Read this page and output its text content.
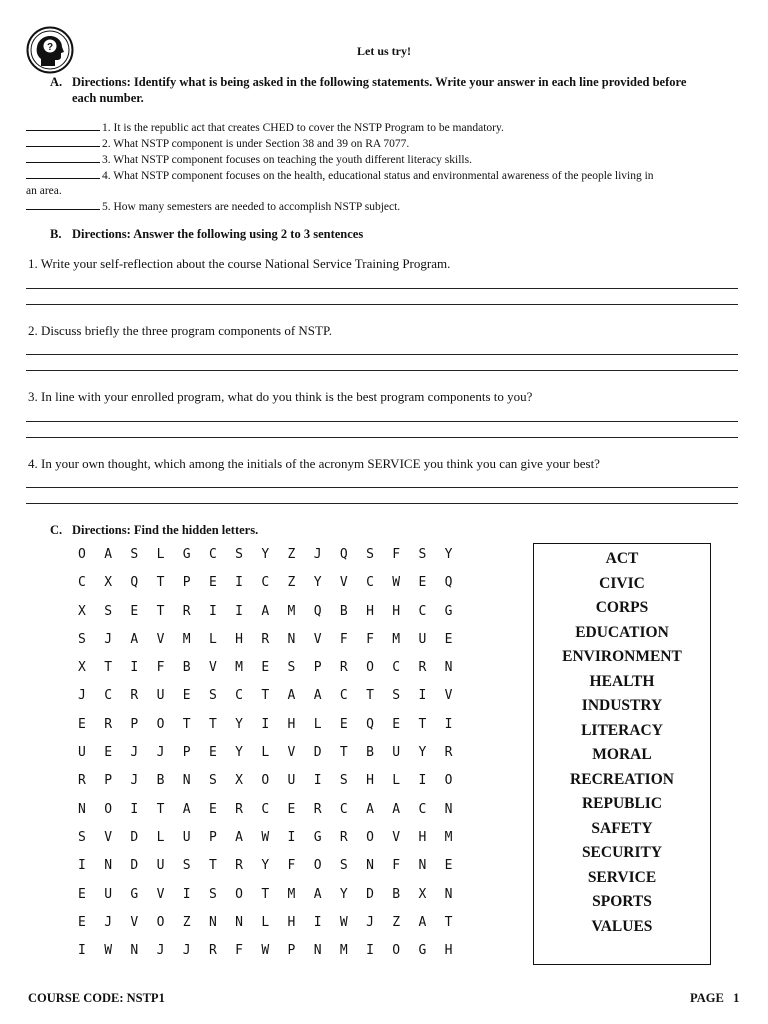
?	Let us try!
A. Directions: Identify what is being asked in the following statements. Write your answer in each line provided before
each number.
1. It is the republic act that creates CHED to cover the NSTP Program to be mandatory.
2. What NSTP component is under Section 38 and 39 on RA 7077.
3. What NSTP component focuses on teaching the youth different literacy skills.
4. What NSTP component focuses on the health, educational status and environmental awareness of the people living in
an area.
5. How many semesters are needed to accomplish NSTP subject.
B. Directions: Answer the following using 2 to 3 sentences
1. Write your self-reflection about the course National Service Training Program.
2. Discuss briefly the three program components of NSTP.
3. In line with your enrolled program, what do you think is the best program components to you?
4. In your own thought, which among the initials of the acronym SERVICE you think you can give your best?
C. Directions: Find the hidden letters.
O A S L G C S Y Z J Q S F S Y
C X Q T P E I C Z Y V C W E Q
X S E T R I I A M Q B H H C G
S J A V M L H R N V F F M U E
X T I F B V M E S P R O C R N
J C R U E S C T A A C T S I V
E R P O T T Y I H L E Q E T I
U E J J P E Y L V D T B U Y R
R P J B N S X O U I S H L I O
N O I T A E R C E R C A A C N
S V D L U P A W I G R O V H M
I N D U S T R Y F O S N F N E
E U G V I S O T M A Y D B X N
E J V O Z N N L H I W J Z A T
I W N J J R F W P N M I O G H
ACT
CIVIC
CORPS
EDUCATION
ENVIRONMENT
HEALTH
INDUSTRY
LITERACY
MORAL
RECREATION
REPUBLIC
SAFETY
SECURITY
SERVICE
SPORTS
VALUES
COURSE CODE: NSTP1	PAGE 1
